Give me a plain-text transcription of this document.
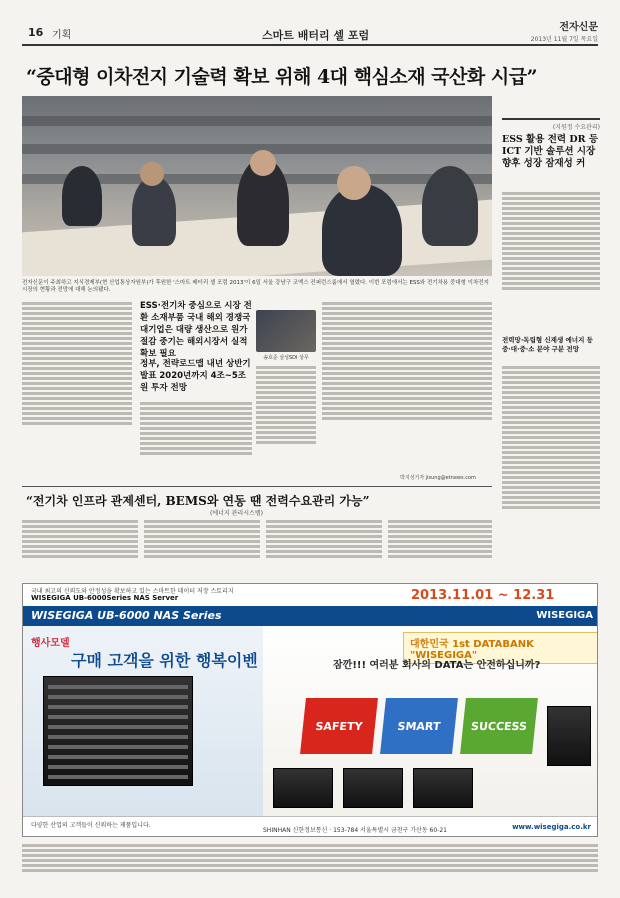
16 기획	스마트 배터리 셀 포럼
전자신문
2013년 11월 7일 목요일
“중대형 이차전지 기술력 확보 위해 4대 핵심소재 국산화 시급”
전자신문이 주최하고 지식경제부(현 산업통상자원부)가 후원한 '스마트 배터리 셀 포럼 2013'이 6일 서울 강남구 코엑스 컨퍼런스룸에서 열렸다. 이번 포럼에서는 ESS와 전기차용 중대형 이차전지 시장의 현황과 전망에 대해 논의됐다.
(지원정 수요관리)
ESS 활용 전력 DR 등 ICT 기반 솔루션 시장 향후 성장 잠재성 커
전력망·독립형 신재생 에너지 등 중·대·중·소 분야 구분 전망
ESS·전기차 중심으로 시장 전환 소재부품 국내 해외 경쟁국 대기업은 대량 생산으로 원가절감 중기는 해외시장서 실적 확보 필요
정부, 전략로드맵 내년 상반기 발표 2020년까지 4조~5조원 투자 전망
송호준 삼성SDI 상무
박지성기자 jisung@etnews.com
“전기차 인프라 관제센터, BEMS와 연동 땐 전력수요관리 가능”
(에너지 관리시스템)
국내 최고의 신뢰도와 안정성을 확보하고 있는 스마트한 데이터 저장 스토리지
WISEGIGA UB-6000Series NAS Server	2013.11.01 ~ 12.31
WISEGIGA UB-6000 NAS Series	WISEGIGA
행사모델
구매 고객을 위한 행복이벤
대한민국 1st DATABANK "WISEGIGA"
잠깐!!! 여러분 회사의 DATA는 안전하십니까?
SAFETY	SMART	SUCCESS
다양한 산업의 고객들이 신뢰하는 제품입니다.
SHINHAN 신한정보통신 · 153-784 서울특별시 금천구 가산동 60-21	www.wisegiga.co.kr
